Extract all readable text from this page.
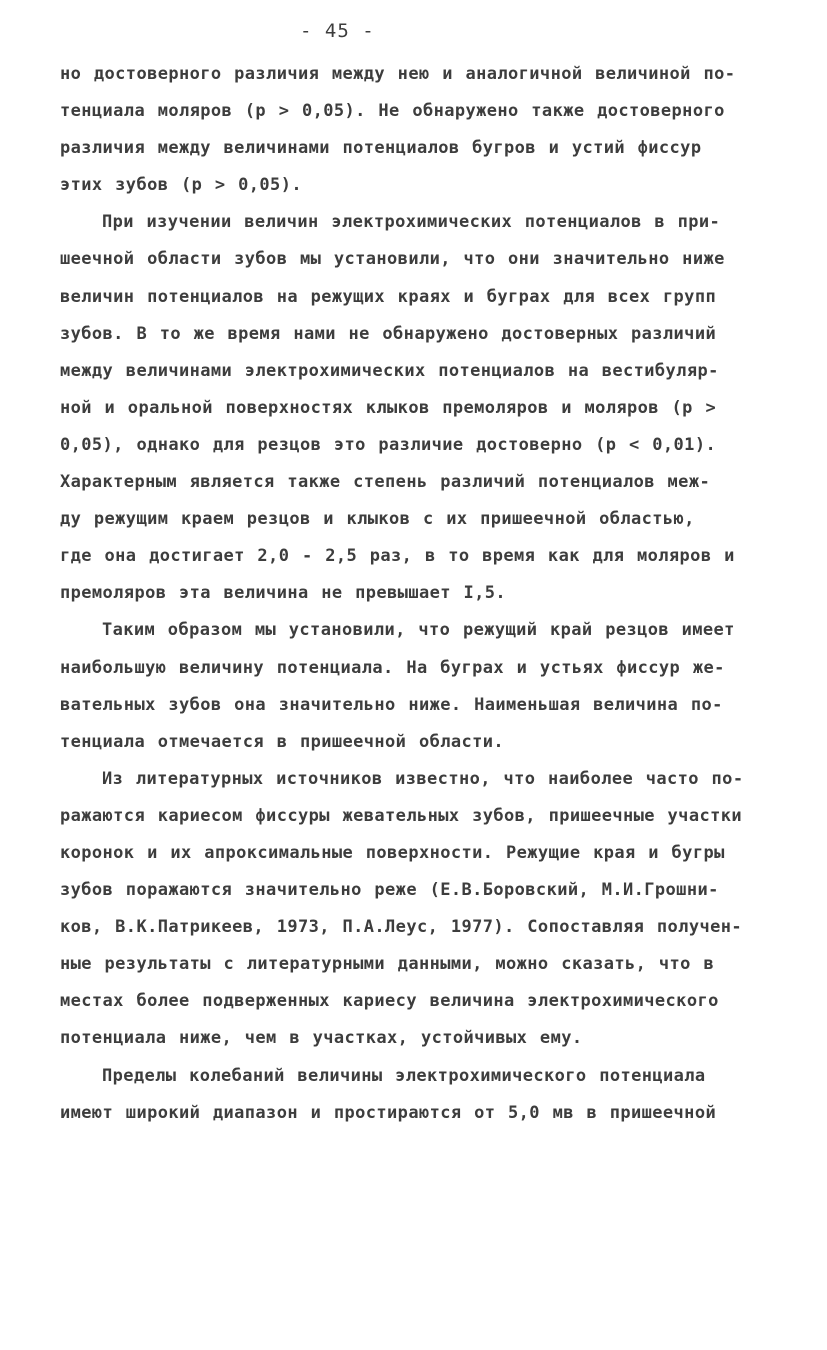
- 45 -
но достоверного различия между нею и аналогичной величиной по-
тенциала моляров (p > 0,05). Не обнаружено также достоверного
различия между величинами потенциалов бугров и устий фиссур
этих зубов (p > 0,05).
При изучении величин электрохимических потенциалов в при-
шеечной области зубов мы установили, что они значительно ниже
величин потенциалов на режущих краях и буграх для всех групп
зубов. В то же время нами не обнаружено достоверных различий
между величинами электрохимических потенциалов на вестибуляр-
ной и оральной поверхностях клыков премоляров и моляров (p >
0,05), однако для резцов это различие достоверно (p < 0,01).
Характерным является также степень различий потенциалов меж-
ду режущим краем резцов и клыков с их пришеечной областью,
где она достигает 2,0 - 2,5 раз, в то время как для моляров и
премоляров эта величина не превышает I,5.
Таким образом мы установили, что режущий край резцов имеет
наибольшую величину потенциала. На буграх и устьях фиссур же-
вательных зубов она значительно ниже. Наименьшая величина по-
тенциала отмечается в пришеечной области.
Из литературных источников известно, что наиболее часто по-
ражаются кариесом фиссуры жевательных зубов, пришеечные участки
коронок и их апроксимальные поверхности. Режущие края и бугры
зубов поражаются значительно реже (Е.В.Боровский, М.И.Грошни-
ков, В.К.Патрикеев, 1973, П.А.Леус, 1977). Сопоставляя получен-
ные результаты с литературными данными, можно сказать, что в
местах более подверженных кариесу величина электрохимического
потенциала ниже, чем в участках, устойчивых ему.
Пределы колебаний величины электрохимического потенциала
имеют широкий диапазон и простираются от 5,0 мв в пришеечной
